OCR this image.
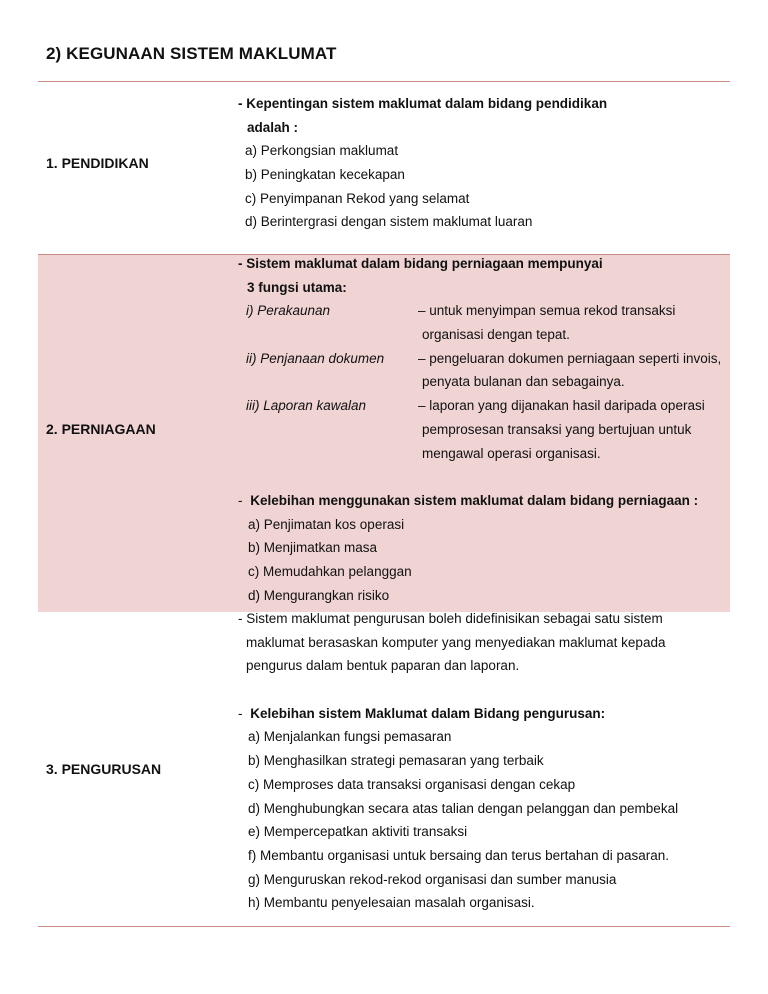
2) KEGUNAAN SISTEM MAKLUMAT
1. PENDIDIKAN
- Kepentingan sistem maklumat dalam bidang pendidikan
adalah :
a) Perkongsian maklumat
b) Peningkatan kecekapan
c) Penyimpanan Rekod yang selamat
d) Berintergrasi dengan sistem maklumat luaran
2. PERNIAGAAN
- Sistem maklumat dalam bidang perniagaan mempunyai
3 fungsi utama:
i) Perakaunan	– untuk menyimpan semua rekod transaksi
organisasi dengan tepat.
ii) Penjanaan dokumen	– pengeluaran dokumen perniagaan seperti invois,
penyata bulanan dan sebagainya.
iii) Laporan kawalan	– laporan yang dijanakan hasil daripada operasi
pemprosesan transaksi yang bertujuan untuk
mengawal operasi organisasi.
- Kelebihan menggunakan sistem maklumat dalam bidang perniagaan :
a) Penjimatan kos operasi
b) Menjimatkan masa
c) Memudahkan pelanggan
d) Mengurangkan risiko
3. PENGURUSAN
- Sistem maklumat pengurusan boleh didefinisikan sebagai satu sistem
maklumat berasaskan komputer yang menyediakan maklumat kepada
pengurus dalam bentuk paparan dan laporan.
- Kelebihan sistem Maklumat dalam Bidang pengurusan:
a) Menjalankan fungsi pemasaran
b) Menghasilkan strategi pemasaran yang terbaik
c) Memproses data transaksi organisasi dengan cekap
d) Menghubungkan secara atas talian dengan pelanggan dan pembekal
e) Mempercepatkan aktiviti transaksi
f) Membantu organisasi untuk bersaing dan terus bertahan di pasaran.
g) Menguruskan rekod-rekod organisasi dan sumber manusia
h) Membantu penyelesaian masalah organisasi.
